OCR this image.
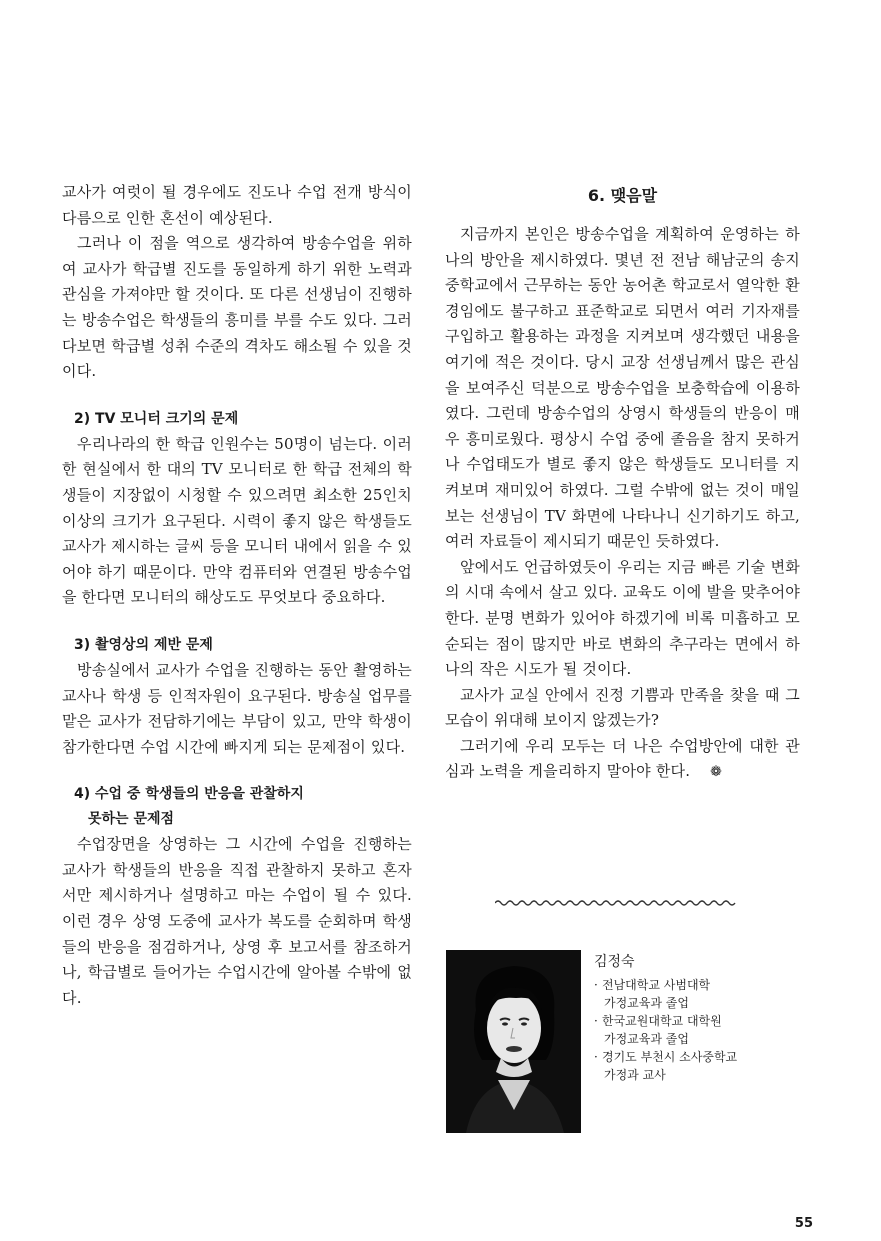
교사가 여럿이 될 경우에도 진도나 수업 전개 방식이 다름으로 인한 혼선이 예상된다.

그러나 이 점을 역으로 생각하여 방송수업을 위하여 교사가 학급별 진도를 동일하게 하기 위한 노력과 관심을 가져야만 할 것이다. 또 다른 선생님이 진행하는 방송수업은 학생들의 흥미를 부를 수도 있다. 그러다보면 학급별 성취 수준의 격차도 해소될 수 있을 것이다.

2) TV 모니터 크기의 문제

우리나라의 한 학급 인원수는 50명이 넘는다. 이러한 현실에서 한 대의 TV 모니터로 한 학급 전체의 학생들이 지장없이 시청할 수 있으려면 최소한 25인치 이상의 크기가 요구된다. 시력이 좋지 않은 학생들도 교사가 제시하는 글씨 등을 모니터 내에서 읽을 수 있어야 하기 때문이다. 만약 컴퓨터와 연결된 방송수업을 한다면 모니터의 해상도도 무엇보다 중요하다.

3) 촬영상의 제반 문제

방송실에서 교사가 수업을 진행하는 동안 촬영하는 교사나 학생 등 인적자원이 요구된다. 방송실 업무를 맡은 교사가 전담하기에는 부담이 있고, 만약 학생이 참가한다면 수업 시간에 빠지게 되는 문제점이 있다.

4) 수업 중 학생들의 반응을 관찰하지
못하는 문제점

수업장면을 상영하는 그 시간에 수업을 진행하는 교사가 학생들의 반응을 직접 관찰하지 못하고 혼자서만 제시하거나 설명하고 마는 수업이 될 수 있다. 이런 경우 상영 도중에 교사가 복도를 순회하며 학생들의 반응을 점검하거나, 상영 후 보고서를 참조하거나, 학급별로 들어가는 수업시간에 알아볼 수밖에 없다.

6. 맺음말

지금까지 본인은 방송수업을 계획하여 운영하는 하나의 방안을 제시하였다. 몇년 전 전남 해남군의 송지중학교에서 근무하는 동안 농어촌 학교로서 열악한 환경임에도 불구하고 표준학교로 되면서 여러 기자재를 구입하고 활용하는 과정을 지켜보며 생각했던 내용을 여기에 적은 것이다. 당시 교장 선생님께서 많은 관심을 보여주신 덕분으로 방송수업을 보충학습에 이용하였다. 그런데 방송수업의 상영시 학생들의 반응이 매우 흥미로웠다. 평상시 수업 중에 졸음을 참지 못하거나 수업태도가 별로 좋지 않은 학생들도 모니터를 지켜보며 재미있어 하였다. 그럴 수밖에 없는 것이 매일 보는 선생님이 TV 화면에 나타나니 신기하기도 하고, 여러 자료들이 제시되기 때문인 듯하였다.

앞에서도 언급하였듯이 우리는 지금 빠른 기술 변화의 시대 속에서 살고 있다. 교육도 이에 발을 맞추어야 한다. 분명 변화가 있어야 하겠기에 비록 미흡하고 모순되는 점이 많지만 바로 변화의 추구라는 면에서 하나의 작은 시도가 될 것이다.

교사가 교실 안에서 진정 기쁨과 만족을 찾을 때 그 모습이 위대해 보이지 않겠는가?

그러기에 우리 모두는 더 나은 수업방안에 대한 관심과 노력을 게을리하지 말아야 한다. ❁

김정숙
· 전남대학교 사범대학
가정교육과 졸업
· 한국교원대학교 대학원
가정교육과 졸업
· 경기도 부천시 소사중학교
가정과 교사
55
